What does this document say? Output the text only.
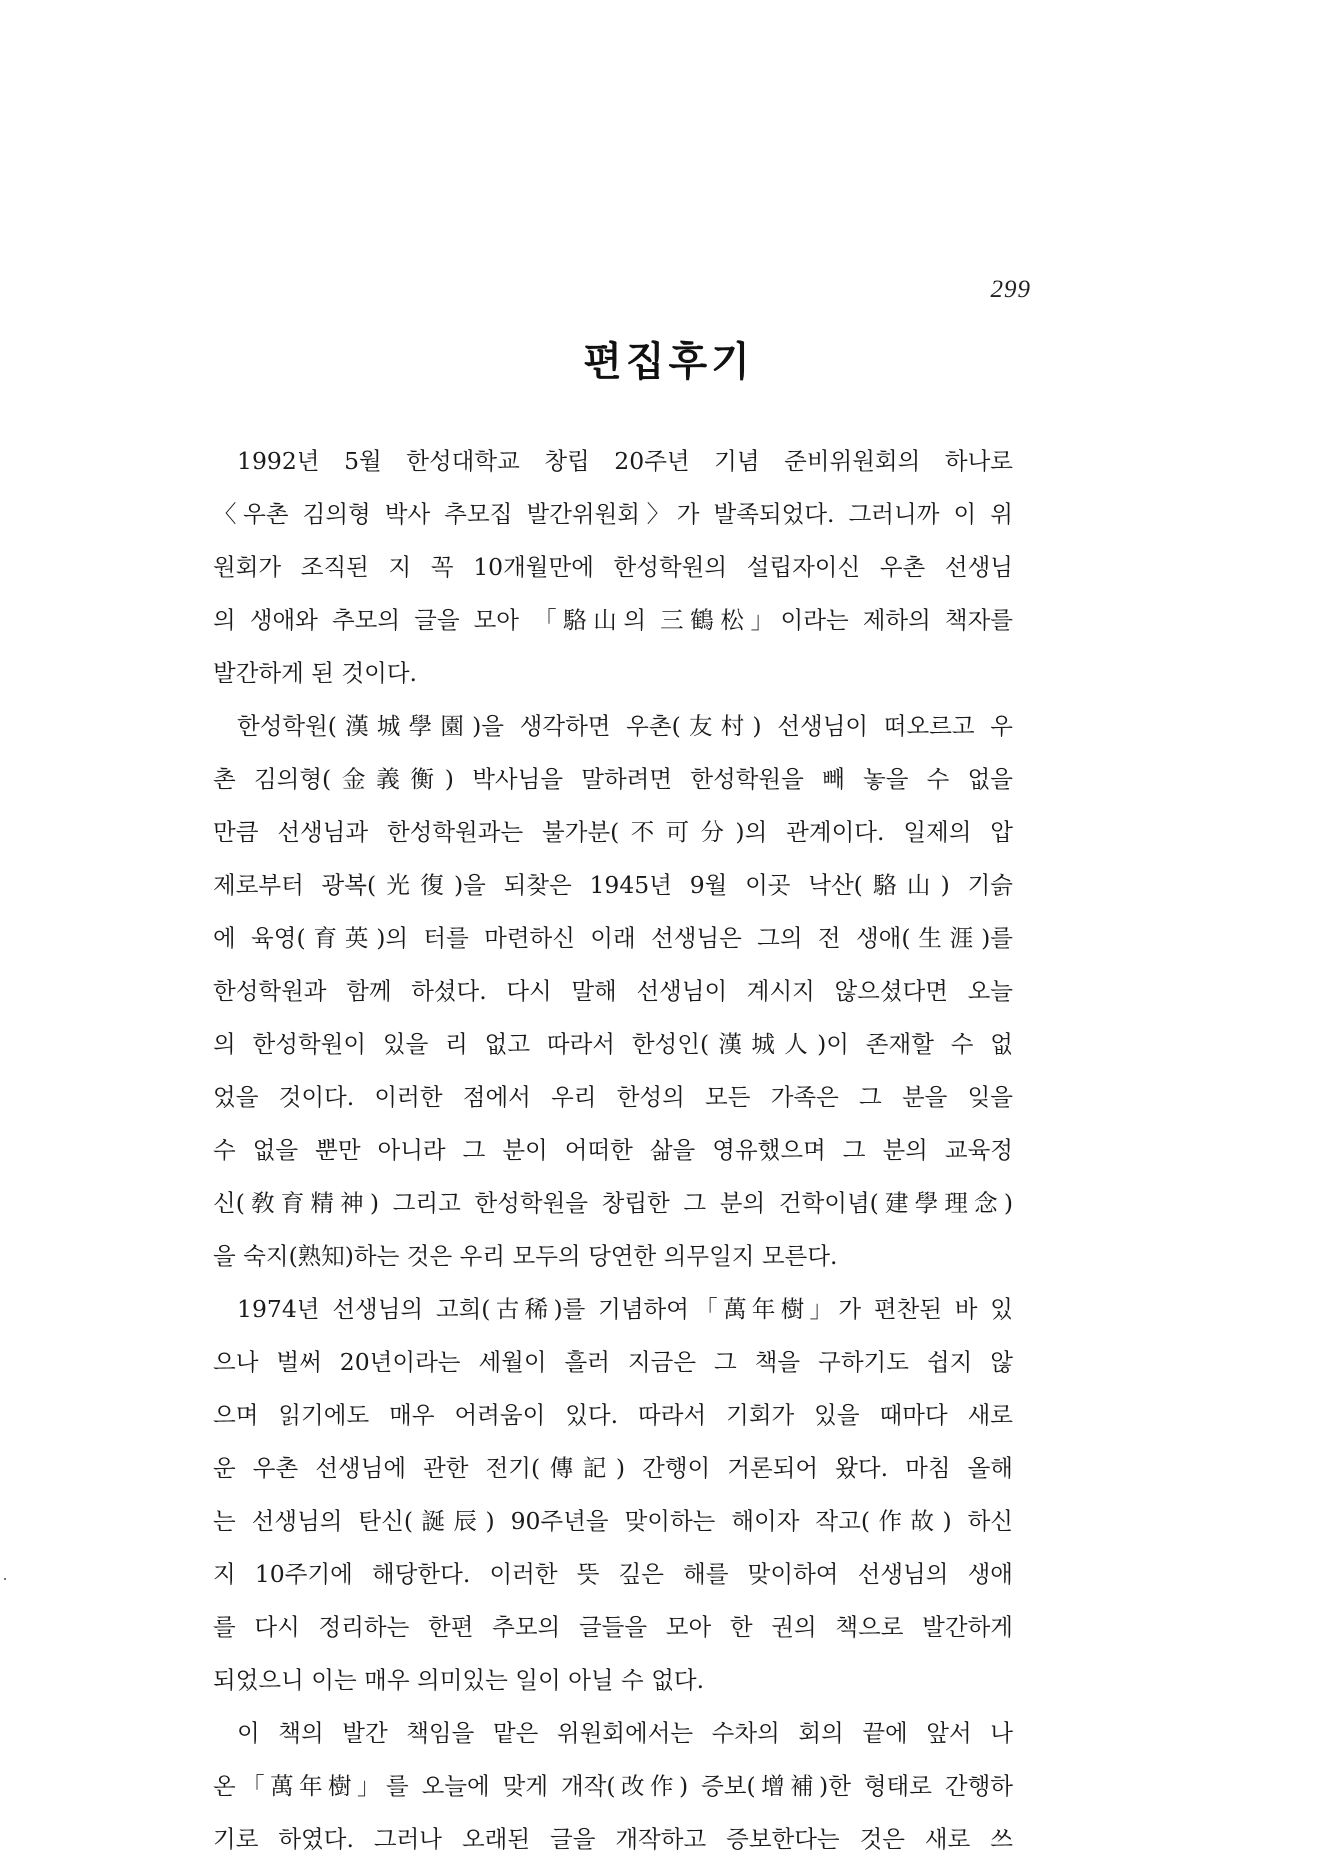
299
편집후기
1992년 5월 한성대학교 창립 20주년 기념 준비위원회의 하나로
〈우촌 김의형 박사 추모집 발간위원회〉가 발족되었다. 그러니까 이 위
원회가 조직된 지 꼭 10개월만에 한성학원의 설립자이신 우촌 선생님
의 생애와 추모의 글을 모아 「駱山의 三鶴松」이라는 제하의 책자를
발간하게 된 것이다.
한성학원(漢城學園)을 생각하면 우촌(友村) 선생님이 떠오르고 우
촌 김의형(金義衡) 박사님을 말하려면 한성학원을 빼 놓을 수 없을
만큼 선생님과 한성학원과는 불가분(不可分)의 관계이다. 일제의 압
제로부터 광복(光復)을 되찾은 1945년 9월 이곳 낙산(駱山) 기슭
에 육영(育英)의 터를 마련하신 이래 선생님은 그의 전 생애(生涯)를
한성학원과 함께 하셨다. 다시 말해 선생님이 계시지 않으셨다면 오늘
의 한성학원이 있을 리 없고 따라서 한성인(漢城人)이 존재할 수 없
었을 것이다. 이러한 점에서 우리 한성의 모든 가족은 그 분을 잊을
수 없을 뿐만 아니라 그 분이 어떠한 삶을 영유했으며 그 분의 교육정
신(敎育精神) 그리고 한성학원을 창립한 그 분의 건학이념(建學理念)
을 숙지(熟知)하는 것은 우리 모두의 당연한 의무일지 모른다.
1974년 선생님의 고희(古稀)를 기념하여「萬年樹」가 편찬된 바 있
으나 벌써 20년이라는 세월이 흘러 지금은 그 책을 구하기도 쉽지 않
으며 읽기에도 매우 어려움이 있다. 따라서 기회가 있을 때마다 새로
운 우촌 선생님에 관한 전기(傳記) 간행이 거론되어 왔다. 마침 올해
는 선생님의 탄신(誕辰) 90주년을 맞이하는 해이자 작고(作故) 하신
지 10주기에 해당한다. 이러한 뜻 깊은 해를 맞이하여 선생님의 생애
를 다시 정리하는 한편 추모의 글들을 모아 한 권의 책으로 발간하게
되었으니 이는 매우 의미있는 일이 아닐 수 없다.
이 책의 발간 책임을 맡은 위원회에서는 수차의 회의 끝에 앞서 나
온「萬年樹」를 오늘에 맞게 개작(改作) 증보(增補)한 형태로 간행하
기로 하였다. 그러나 오래된 글을 개작하고 증보한다는 것은 새로 쓰
